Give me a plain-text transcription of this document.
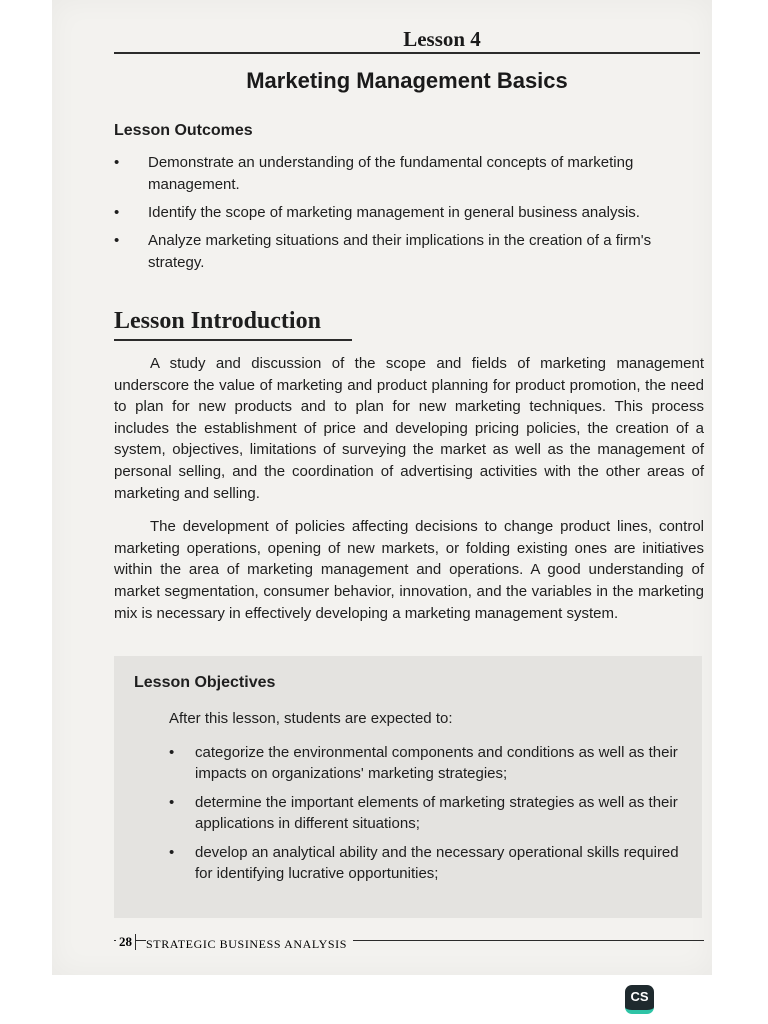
Lesson 4
Marketing Management Basics
Lesson Outcomes
• Demonstrate an understanding of the fundamental concepts of marketing management.
• Identify the scope of marketing management in general business analysis.
• Analyze marketing situations and their implications in the creation of a firm's strategy.
Lesson Introduction

A study and discussion of the scope and fields of marketing management underscore the value of marketing and product planning for product promotion, the need to plan for new products and to plan for new marketing techniques. This process includes the establishment of price and developing pricing policies, the creation of a system, objectives, limitations of surveying the market as well as the management of personal selling, and the coordination of advertising activities with the other areas of marketing and selling.

The development of policies affecting decisions to change product lines, control marketing operations, opening of new markets, or folding existing ones are initiatives within the area of marketing management and operations. A good understanding of market segmentation, consumer behavior, innovation, and the variables in the marketing mix is necessary in effectively developing a marketing management system.

Lesson Objectives
After this lesson, students are expected to:
• categorize the environmental components and conditions as well as their impacts on organizations' marketing strategies;
• determine the important elements of marketing strategies as well as their applications in different situations;
• develop an analytical ability and the necessary operational skills required for identifying lucrative opportunities;
28	STRATEGIC BUSINESS ANALYSIS
CS
